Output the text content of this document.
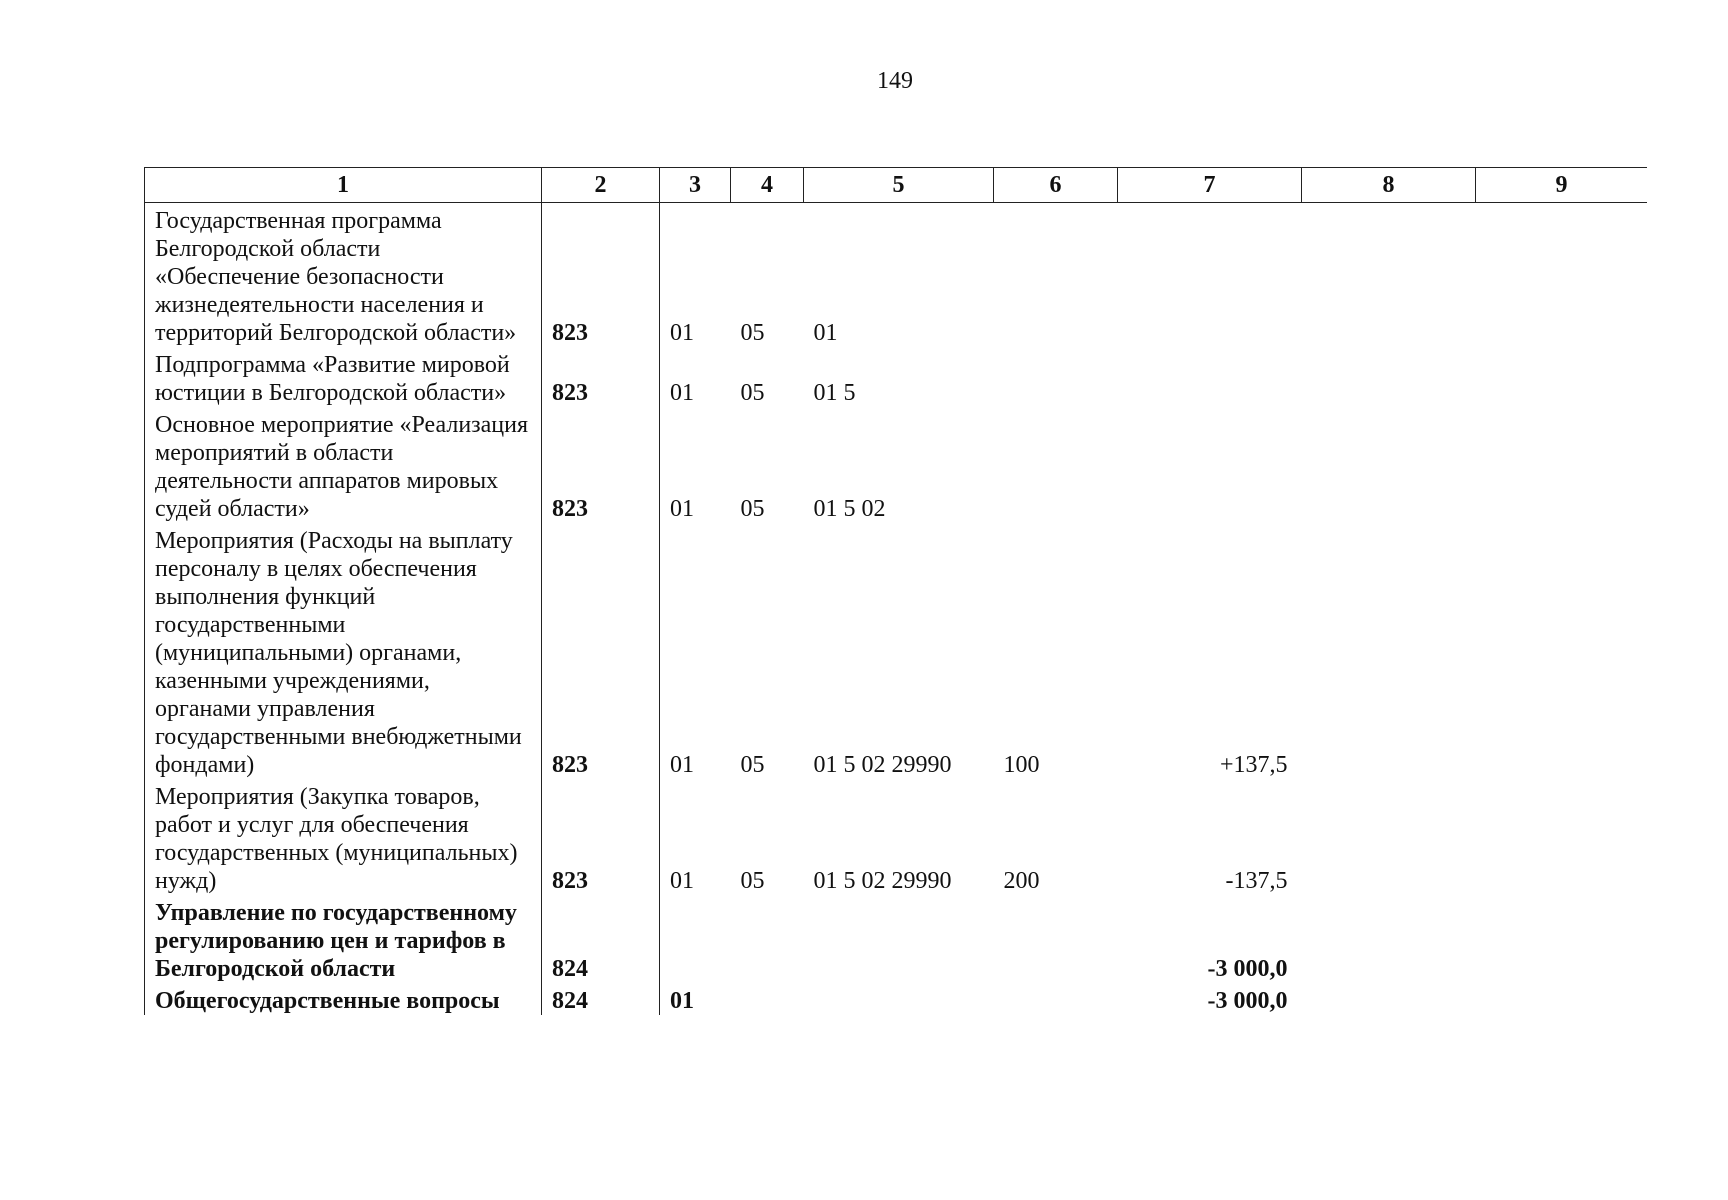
149
1	2	3	4	5	6	7	8	9
Государственная программа Белгородской области «Обеспечение безопасности жизнедеятельности населения и территорий Белгородской области»	823	01	05	01				
Подпрограмма «Развитие мировой юстиции в Белгородской области»	823	01	05	01 5				
Основное мероприятие «Реализация мероприятий в области деятельности аппаратов мировых судей области»	823	01	05	01 5 02				
Мероприятия (Расходы на выплату персоналу в целях обеспечения выполнения функций государственными (муниципальными) органами, казенными учреждениями, органами управления государственными внебюджетными фондами)	823	01	05	01 5 02 29990	100	+137,5		
Мероприятия (Закупка товаров, работ и услуг для обеспечения государственных (муниципальных) нужд)	823	01	05	01 5 02 29990	200	-137,5		
Управление по государственному регулированию цен и тарифов в Белгородской области	824					-3 000,0		
Общегосударственные вопросы	824	01				-3 000,0		
